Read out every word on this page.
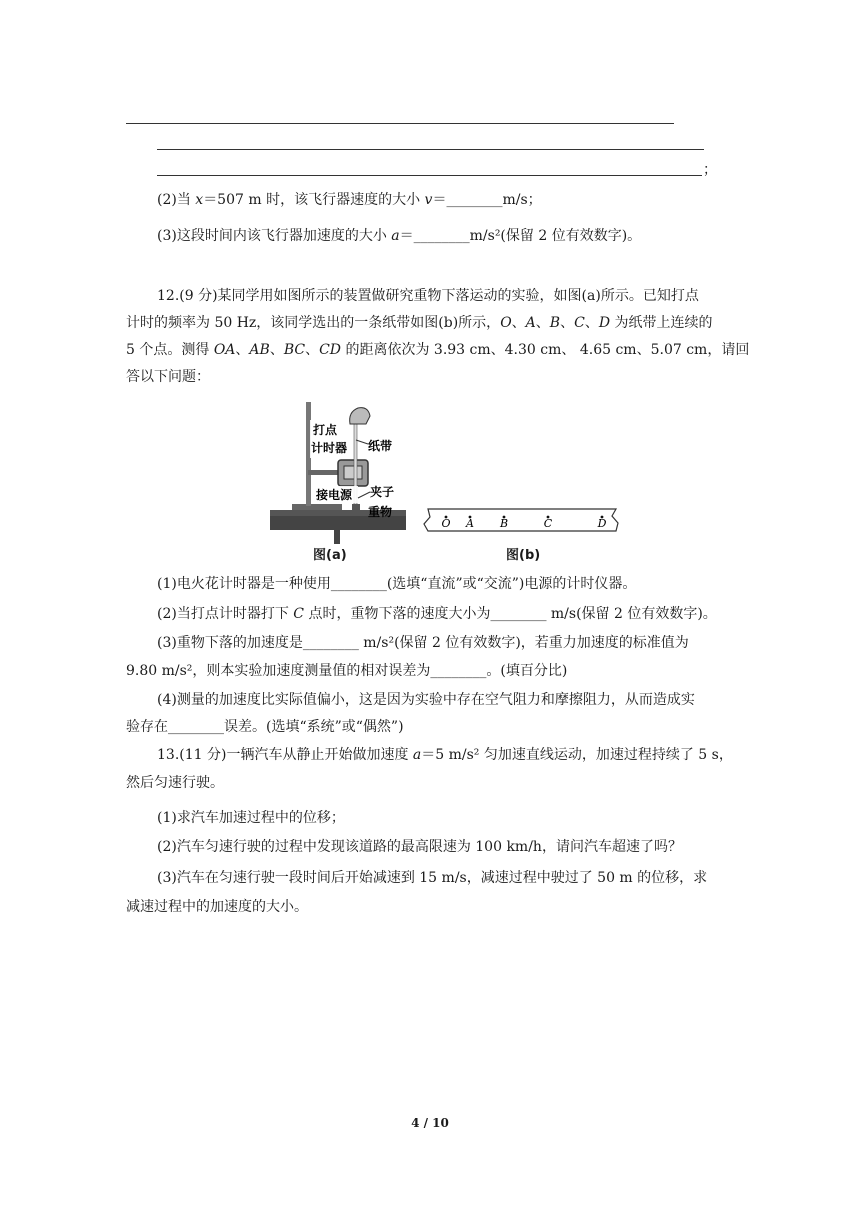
；
(2)当 x＝507 m 时，该飞行器速度的大小 v＝________m/s；
(3)这段时间内该飞行器加速度的大小 a＝________m/s²(保留 2 位有效数字)。
12.(9 分)某同学用如图所示的装置做研究重物下落运动的实验，如图(a)所示。已知打点
计时的频率为 50 Hz，该同学选出的一条纸带如图(b)所示，O、A、B、C、D 为纸带上连续的
5 个点。测得 OA、AB、BC、CD 的距离依次为 3.93 cm、4.30 cm、 4.65 cm、5.07 cm，请回
答以下问题：
打点
计时器 纸带
接电源 夹子
重物
图(a)
O A B	C	D
图(b)
(1)电火花计时器是一种使用________(选填“直流”或“交流”)电源的计时仪器。
(2)当打点计时器打下 C 点时，重物下落的速度大小为________ m/s(保留 2 位有效数字)。
(3)重物下落的加速度是________ m/s²(保留 2 位有效数字)，若重力加速度的标准值为
9.80 m/s²，则本实验加速度测量值的相对误差为________。(填百分比)
(4)测量的加速度比实际值偏小，这是因为实验中存在空气阻力和摩擦阻力，从而造成实
验存在________误差。(选填“系统”或“偶然”)
13.(11 分)一辆汽车从静止开始做加速度 a＝5 m/s² 匀加速直线运动，加速过程持续了 5 s，
然后匀速行驶。
(1)求汽车加速过程中的位移；
(2)汽车匀速行驶的过程中发现该道路的最高限速为 100 km/h，请问汽车超速了吗？
(3)汽车在匀速行驶一段时间后开始减速到 15 m/s，减速过程中驶过了 50 m 的位移，求
减速过程中的加速度的大小。
4 / 10
